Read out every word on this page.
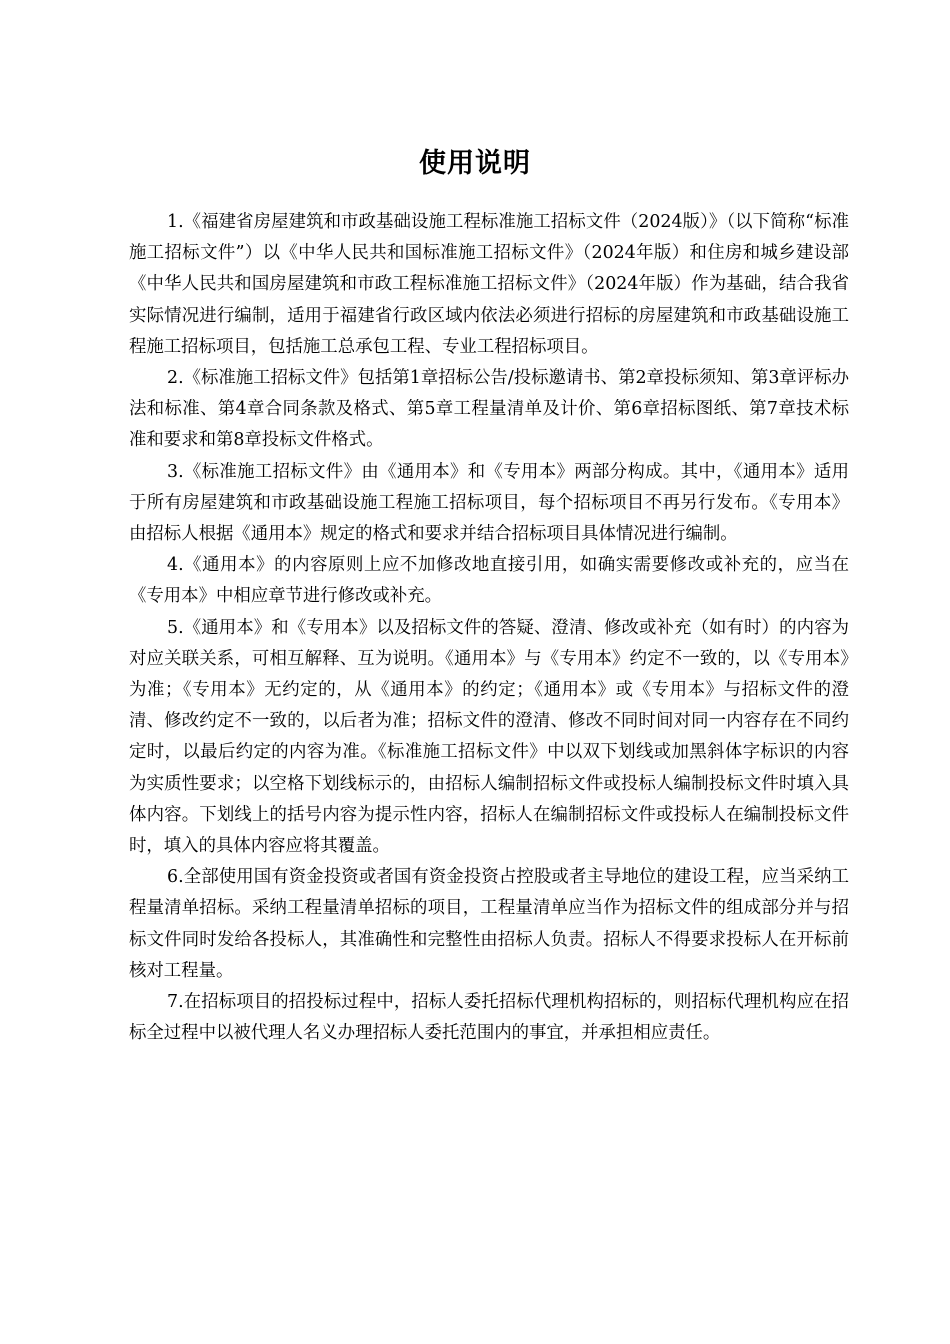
使用说明

1.《福建省房屋建筑和市政基础设施工程标准施工招标文件（2024版）》（以下简称“标准施工招标文件”）以《中华人民共和国标准施工招标文件》（2024年版）和住房和城乡建设部《中华人民共和国房屋建筑和市政工程标准施工招标文件》（2024年版）作为基础，结合我省实际情况进行编制，适用于福建省行政区域内依法必须进行招标的房屋建筑和市政基础设施工程施工招标项目，包括施工总承包工程、专业工程招标项目。

2.《标准施工招标文件》包括第1章招标公告/投标邀请书、第2章投标须知、第3章评标办法和标准、第4章合同条款及格式、第5章工程量清单及计价、第6章招标图纸、第7章技术标准和要求和第8章投标文件格式。

3.《标准施工招标文件》由《通用本》和《专用本》两部分构成。其中，《通用本》适用于所有房屋建筑和市政基础设施工程施工招标项目，每个招标项目不再另行发布。《专用本》由招标人根据《通用本》规定的格式和要求并结合招标项目具体情况进行编制。

4.《通用本》的内容原则上应不加修改地直接引用，如确实需要修改或补充的，应当在《专用本》中相应章节进行修改或补充。

5.《通用本》和《专用本》以及招标文件的答疑、澄清、修改或补充（如有时）的内容为对应关联关系，可相互解释、互为说明。《通用本》与《专用本》约定不一致的，以《专用本》为准；《专用本》无约定的，从《通用本》的约定；《通用本》或《专用本》与招标文件的澄清、修改约定不一致的，以后者为准；招标文件的澄清、修改不同时间对同一内容存在不同约定时，以最后约定的内容为准。《标准施工招标文件》中以双下划线或加黑斜体字标识的内容为实质性要求；以空格下划线标示的，由招标人编制招标文件或投标人编制投标文件时填入具体内容。下划线上的括号内容为提示性内容，招标人在编制招标文件或投标人在编制投标文件时，填入的具体内容应将其覆盖。

6.全部使用国有资金投资或者国有资金投资占控股或者主导地位的建设工程，应当采纳工程量清单招标。采纳工程量清单招标的项目，工程量清单应当作为招标文件的组成部分并与招标文件同时发给各投标人，其准确性和完整性由招标人负责。招标人不得要求投标人在开标前核对工程量。

7.在招标项目的招投标过程中，招标人委托招标代理机构招标的，则招标代理机构应在招标全过程中以被代理人名义办理招标人委托范围内的事宜，并承担相应责任。
